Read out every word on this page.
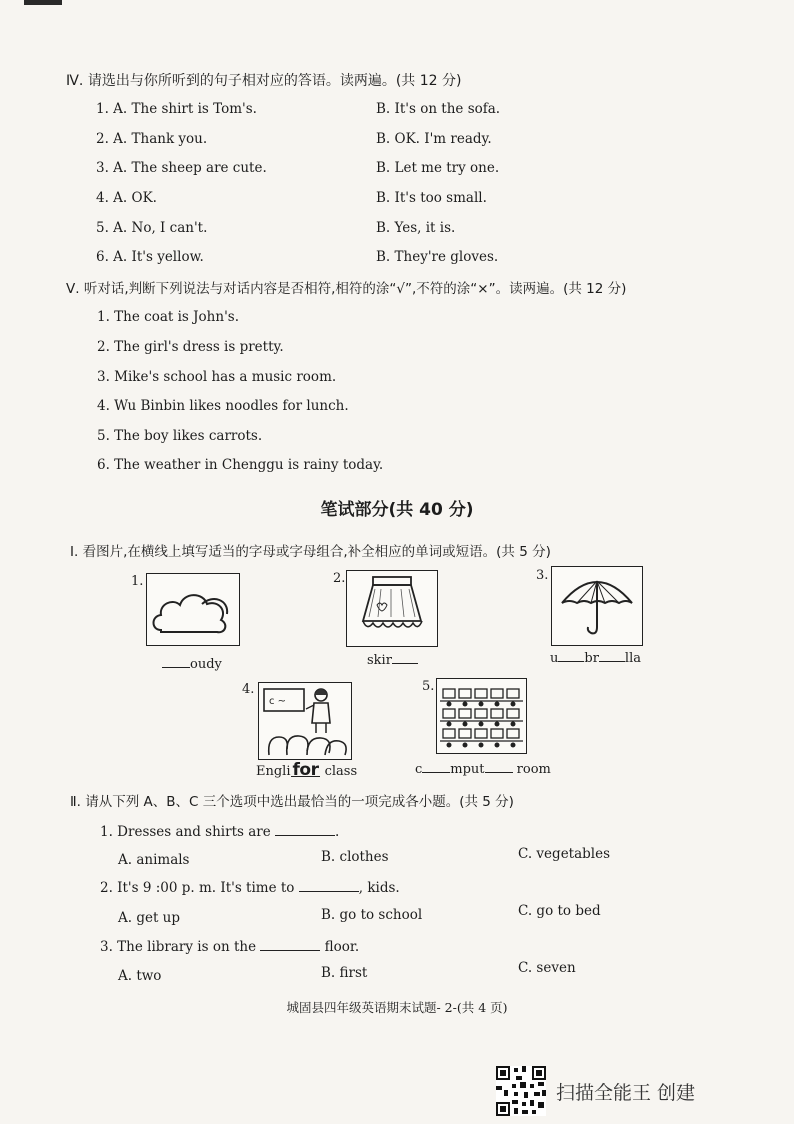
Ⅳ. 请选出与你所听到的句子相对应的答语。读两遍。(共 12 分)
1. A. The shirt is Tom's.	B. It's on the sofa.
2. A. Thank you.	B. OK. I'm ready.
3. A. The sheep are cute.	B. Let me try one.
4. A. OK.	B. It's too small.
5. A. No, I can't.	B. Yes, it is.
6. A. It's yellow.	B. They're gloves.
Ⅴ. 听对话,判断下列说法与对话内容是否相符,相符的涂“√”,不符的涂“×”。读两遍。(共 12 分)
1. The coat is John's.
2. The girl's dress is pretty.
3. Mike's school has a music room.
4. Wu Binbin likes noodles for lunch.
5. The boy likes carrots.
6. The weather in Chenggu is rainy today.
笔试部分(共 40 分)
Ⅰ. 看图片,在横线上填写适当的字母或字母组合,补全相应的单词或短语。(共 5 分)
1.
oudy
2.
skir
3.
u br lla
4.
c ~
Engli for class
5.
c mput room
Ⅱ. 请从下列 A、B、C 三个选项中选出最恰当的一项完成各小题。(共 5 分)
1. Dresses and shirts are	.
A. animals	B. clothes	C. vegetables
2. It's 9 :00 p. m. It's time to	, kids.
A. get up	B. go to school	C. go to bed
3. The library is on the	floor.
A. two	B. first	C. seven
城固县四年级英语期末试题- 2-(共 4 页)
扫描全能王 创建
